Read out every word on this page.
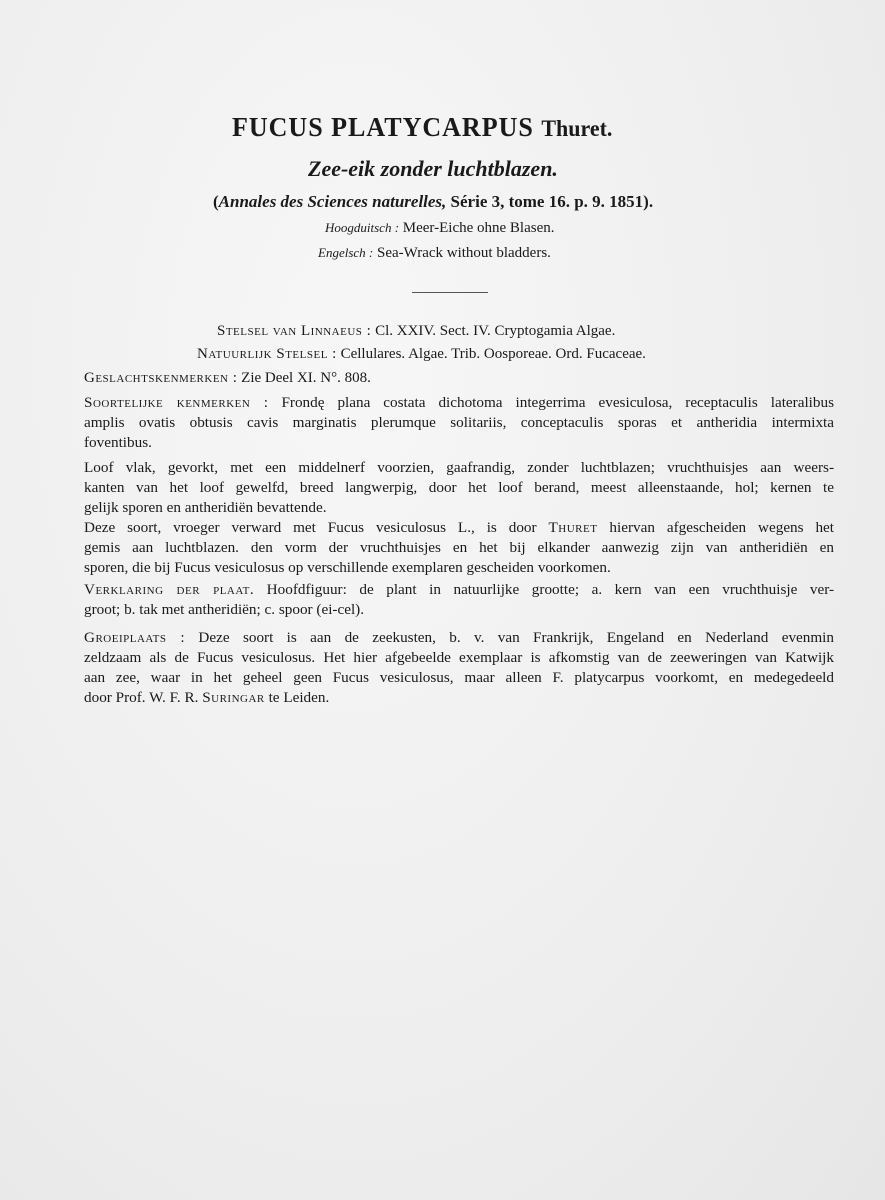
FUCUS PLATYCARPUS Thuret.
Zee-eik zonder luchtblazen.
(Annales des Sciences naturelles, Série 3, tome 16. p. 9. 1851).
Hoogduitsch : Meer-Eiche ohne Blasen.
Engelsch : Sea-Wrack without bladders.
Stelsel van Linnaeus : Cl. XXIV. Sect. IV. Cryptogamia Algae.
Natuurlijk Stelsel : Cellulares. Algae. Trib. Oosporeae. Ord. Fucaceae.
Geslachtskenmerken : Zie Deel XI. N°. 808.
Soortelijke kenmerken : Frondę plana costata dichotoma integerrima evesiculosa, receptaculis lateralibus
amplis ovatis obtusis cavis marginatis plerumque solitariis, conceptaculis sporas et antheridia intermixta
foventibus.
Loof vlak, gevorkt, met een middelnerf voorzien, gaafrandig, zonder luchtblazen; vruchthuisjes aan weers-
kanten van het loof gewelfd, breed langwerpig, door het loof berand, meest alleenstaande, hol; kernen te
gelijk sporen en antheridiën bevattende.
Deze soort, vroeger verward met Fucus vesiculosus L., is door Thuret hiervan afgescheiden wegens het
gemis aan luchtblazen. den vorm der vruchthuisjes en het bij elkander aanwezig zijn van antheridiën en
sporen, die bij Fucus vesiculosus op verschillende exemplaren gescheiden voorkomen.
Verklaring der plaat. Hoofdfiguur: de plant in natuurlijke grootte; a. kern van een vruchthuisje ver-
groot; b. tak met antheridiën; c. spoor (ei-cel).
Groeiplaats : Deze soort is aan de zeekusten, b. v. van Frankrijk, Engeland en Nederland evenmin
zeldzaam als de Fucus vesiculosus. Het hier afgebeelde exemplaar is afkomstig van de zeeweringen van Katwijk
aan zee, waar in het geheel geen Fucus vesiculosus, maar alleen F. platycarpus voorkomt, en medegedeeld
door Prof. W. F. R. Suringar te Leiden.
